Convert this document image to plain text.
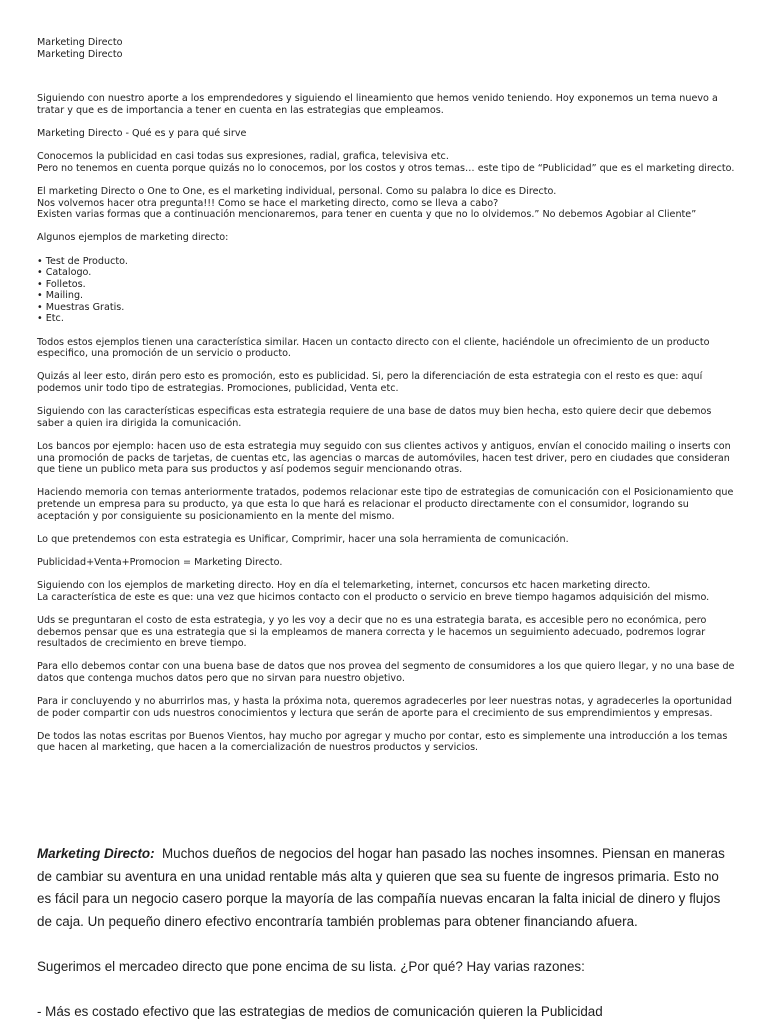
Marketing Directo

Marketing Directo

Siguiendo con nuestro aporte a los emprendedores y siguiendo el lineamiento que hemos venido teniendo. Hoy exponemos un tema nuevo a tratar y que es de importancia a tener en cuenta en las estrategias que empleamos.

Marketing Directo - Qué es y para qué sirve

Conocemos la publicidad en casi todas sus expresiones, radial, grafica, televisiva etc.
Pero no tenemos en cuenta porque quizás no lo conocemos, por los costos y otros temas… este tipo de “Publicidad” que es el marketing directo.

El marketing Directo o One to One, es el marketing individual, personal. Como su palabra lo dice es Directo.
Nos volvemos hacer otra pregunta!!! Como se hace el marketing directo, como se lleva a cabo?
Existen varias formas que a continuación mencionaremos, para tener en cuenta y que no lo olvidemos.” No debemos Agobiar al Cliente”

Algunos ejemplos de marketing directo:

• Test de Producto.
• Catalogo.
• Folletos.
• Mailing.
• Muestras Gratis.
• Etc.

Todos estos ejemplos tienen una característica similar. Hacen un contacto directo con el cliente, haciéndole un ofrecimiento de un producto especifico, una promoción de un servicio o producto.

Quizás al leer esto, dirán pero esto es promoción, esto es publicidad. Si, pero la diferenciación de esta estrategia con el resto es que: aquí podemos unir todo tipo de estrategias. Promociones, publicidad, Venta etc.

Siguiendo con las características especificas esta estrategia requiere de una base de datos muy bien hecha, esto quiere decir que debemos saber a quien ira dirigida la comunicación.

Los bancos por ejemplo: hacen uso de esta estrategia muy seguido con sus clientes activos y antiguos, envían el conocido mailing o inserts con una promoción de packs de tarjetas, de cuentas etc, las agencias o marcas de automóviles, hacen test driver, pero en ciudades que consideran que tiene un publico meta para sus productos y así podemos seguir mencionando otras.

Haciendo memoria con temas anteriormente tratados, podemos relacionar este tipo de estrategias de comunicación con el Posicionamiento que pretende un empresa para su producto, ya que esta lo que hará es relacionar el producto directamente con el consumidor, logrando su aceptación y por consiguiente su posicionamiento en la mente del mismo.

Lo que pretendemos con esta estrategia es Unificar, Comprimir, hacer una sola herramienta de comunicación.

Publicidad+Venta+Promocion = Marketing Directo.

Siguiendo con los ejemplos de marketing directo. Hoy en día el telemarketing, internet, concursos etc hacen marketing directo.
La característica de este es que: una vez que hicimos contacto con el producto o servicio en breve tiempo hagamos adquisición del mismo.

Uds se preguntaran el costo de esta estrategia, y yo les voy a decir que no es una estrategia barata, es accesible pero no económica, pero debemos pensar que es una estrategia que si la empleamos de manera correcta y le hacemos un seguimiento adecuado, podremos lograr resultados de crecimiento en breve tiempo.

Para ello debemos contar con una buena base de datos que nos provea del segmento de consumidores a los que quiero llegar, y no una base de datos que contenga muchos datos pero que no sirvan para nuestro objetivo.

Para ir concluyendo y no aburrirlos mas, y hasta la próxima nota, queremos agradecerles por leer nuestras notas, y agradecerles la oportunidad de poder compartir con uds nuestros conocimientos y lectura que serán de aporte para el crecimiento de sus emprendimientos y empresas.

De todos las notas escritas por Buenos Vientos, hay mucho por agregar y mucho por contar, esto es simplemente una introducción a los temas que hacen al marketing, que hacen a la comercialización de nuestros productos y servicios.

Marketing Directo: Muchos dueños de negocios del hogar han pasado las noches insomnes. Piensan en maneras de cambiar su aventura en una unidad rentable más alta y quieren que sea su fuente de ingresos primaria. Esto no es fácil para un negocio casero porque la mayoría de las compañía nuevas encaran la falta inicial de dinero y flujos de caja. Un pequeño dinero efectivo encontraría también problemas para obtener financiando afuera.

Sugerimos el mercadeo directo que pone encima de su lista. ¿Por qué? Hay varias razones:

- Más es costado efectivo que las estrategias de medios de comunicación quieren la Publicidad
